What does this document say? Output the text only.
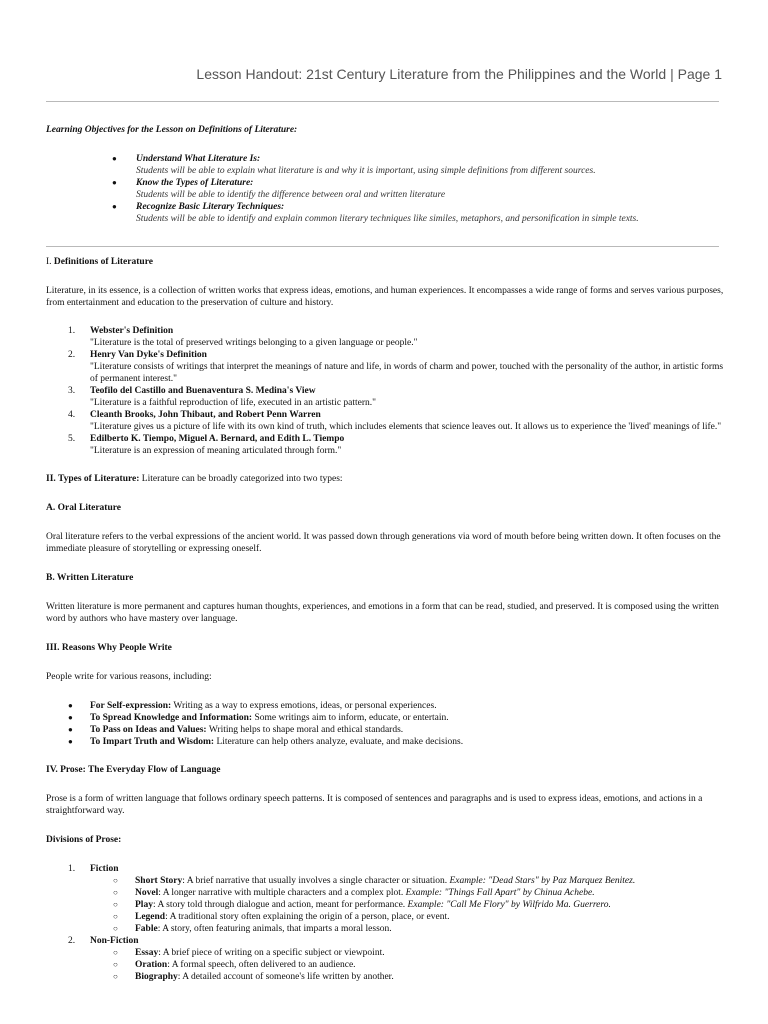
Lesson Handout: 21st Century Literature from the Philippines and the World | Page 1

Learning Objectives for the Lesson on Definitions of Literature:

● Understand What Literature Is:
Students will be able to explain what literature is and why it is important, using simple definitions from different sources.
● Know the Types of Literature:
Students will be able to identify the difference between oral and written literature
● Recognize Basic Literary Techniques:
Students will be able to identify and explain common literary techniques like similes, metaphors, and personification in simple texts.

I. Definitions of Literature

Literature, in its essence, is a collection of written works that express ideas, emotions, and human experiences. It encompasses a wide range of forms and serves various purposes, from entertainment and education to the preservation of culture and history.

1. Webster's Definition
"Literature is the total of preserved writings belonging to a given language or people."
2. Henry Van Dyke's Definition
"Literature consists of writings that interpret the meanings of nature and life, in words of charm and power, touched with the personality of the author, in artistic forms of permanent interest."
3. Teofilo del Castillo and Buenaventura S. Medina's View
"Literature is a faithful reproduction of life, executed in an artistic pattern."
4. Cleanth Brooks, John Thibaut, and Robert Penn Warren
"Literature gives us a picture of life with its own kind of truth, which includes elements that science leaves out. It allows us to experience the 'lived' meanings of life."
5. Edilberto K. Tiempo, Miguel A. Bernard, and Edith L. Tiempo
"Literature is an expression of meaning articulated through form."

II. Types of Literature: Literature can be broadly categorized into two types:

A. Oral Literature

Oral literature refers to the verbal expressions of the ancient world. It was passed down through generations via word of mouth before being written down. It often focuses on the immediate pleasure of storytelling or expressing oneself.

B. Written Literature

Written literature is more permanent and captures human thoughts, experiences, and emotions in a form that can be read, studied, and preserved. It is composed using the written word by authors who have mastery over language.

III. Reasons Why People Write

People write for various reasons, including:

● For Self-expression: Writing as a way to express emotions, ideas, or personal experiences.
● To Spread Knowledge and Information: Some writings aim to inform, educate, or entertain.
● To Pass on Ideas and Values: Writing helps to shape moral and ethical standards.
● To Impart Truth and Wisdom: Literature can help others analyze, evaluate, and make decisions.

IV. Prose: The Everyday Flow of Language

Prose is a form of written language that follows ordinary speech patterns. It is composed of sentences and paragraphs and is used to express ideas, emotions, and actions in a straightforward way.

Divisions of Prose:

1. Fiction
○ Short Story: A brief narrative that usually involves a single character or situation. Example: "Dead Stars" by Paz Marquez Benitez.
○ Novel: A longer narrative with multiple characters and a complex plot. Example: "Things Fall Apart" by Chinua Achebe.
○ Play: A story told through dialogue and action, meant for performance. Example: "Call Me Flory" by Wilfrido Ma. Guerrero.
○ Legend: A traditional story often explaining the origin of a person, place, or event.
○ Fable: A story, often featuring animals, that imparts a moral lesson.
2. Non-Fiction
○ Essay: A brief piece of writing on a specific subject or viewpoint.
○ Oration: A formal speech, often delivered to an audience.
○ Biography: A detailed account of someone's life written by another.
